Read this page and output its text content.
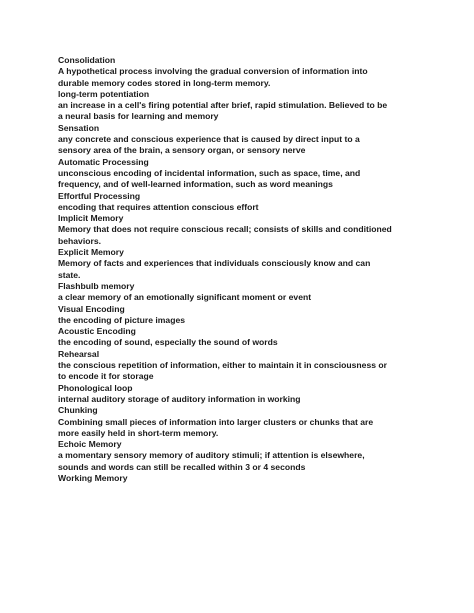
Consolidation
A hypothetical process involving the gradual conversion of information into
durable memory codes stored in long-term memory.
long-term potentiation
an increase in a cell's firing potential after brief, rapid stimulation. Believed to be
a neural basis for learning and memory
Sensation
any concrete and conscious experience that is caused by direct input to a
sensory area of the brain, a sensory organ, or sensory nerve
Automatic Processing
unconscious encoding of incidental information, such as space, time, and
frequency, and of well-learned information, such as word meanings
Effortful Processing
encoding that requires attention conscious effort
Implicit Memory
Memory that does not require conscious recall; consists of skills and conditioned
behaviors.
Explicit Memory
Memory of facts and experiences that individuals consciously know and can
state.
Flashbulb memory
a clear memory of an emotionally significant moment or event
Visual Encoding
the encoding of picture images
Acoustic Encoding
the encoding of sound, especially the sound of words
Rehearsal
the conscious repetition of information, either to maintain it in consciousness or
to encode it for storage
Phonological loop
internal auditory storage of auditory information in working
Chunking
Combining small pieces of information into larger clusters or chunks that are
more easily held in short-term memory.
Echoic Memory
a momentary sensory memory of auditory stimuli; if attention is elsewhere,
sounds and words can still be recalled within 3 or 4 seconds
Working Memory
